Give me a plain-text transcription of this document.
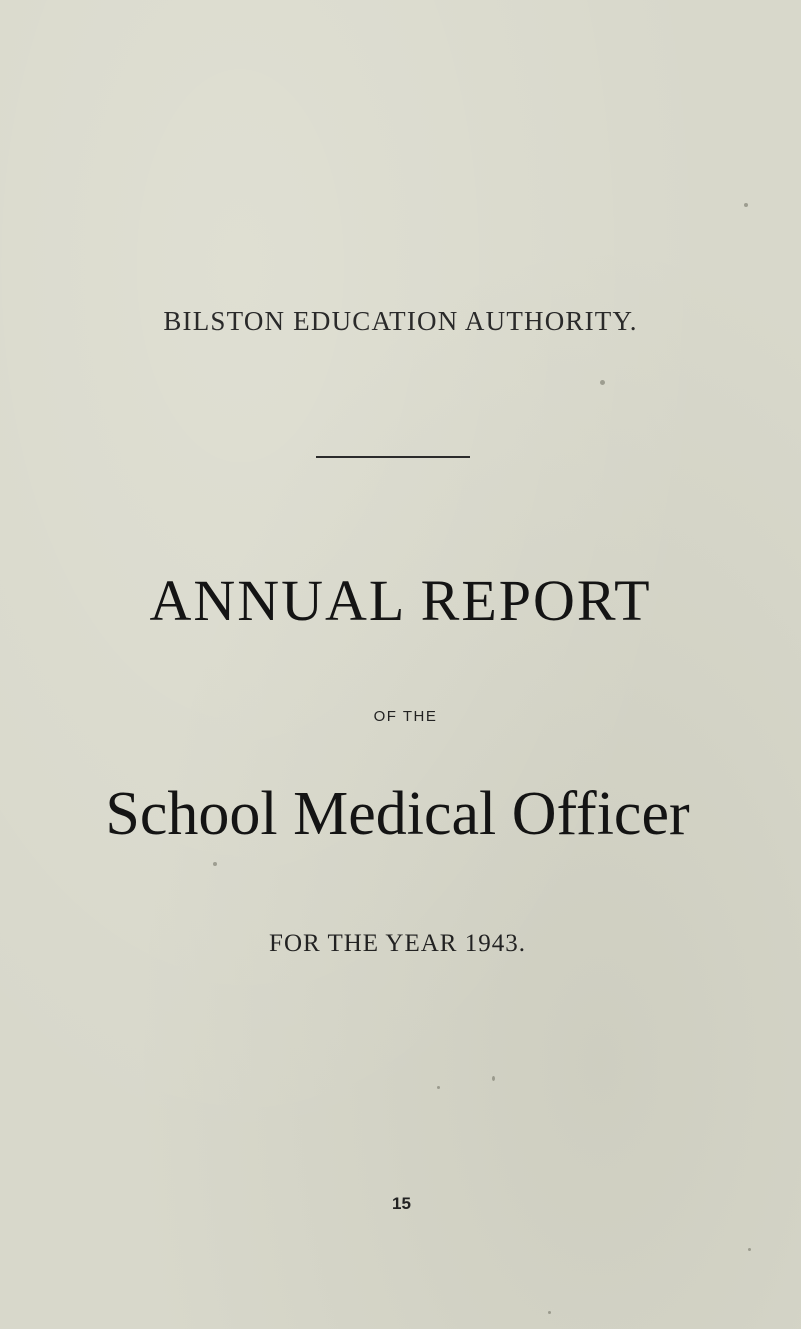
BILSTON EDUCATION AUTHORITY.
ANNUAL REPORT
OF THE
School Medical Officer
FOR THE YEAR 1943.
15
